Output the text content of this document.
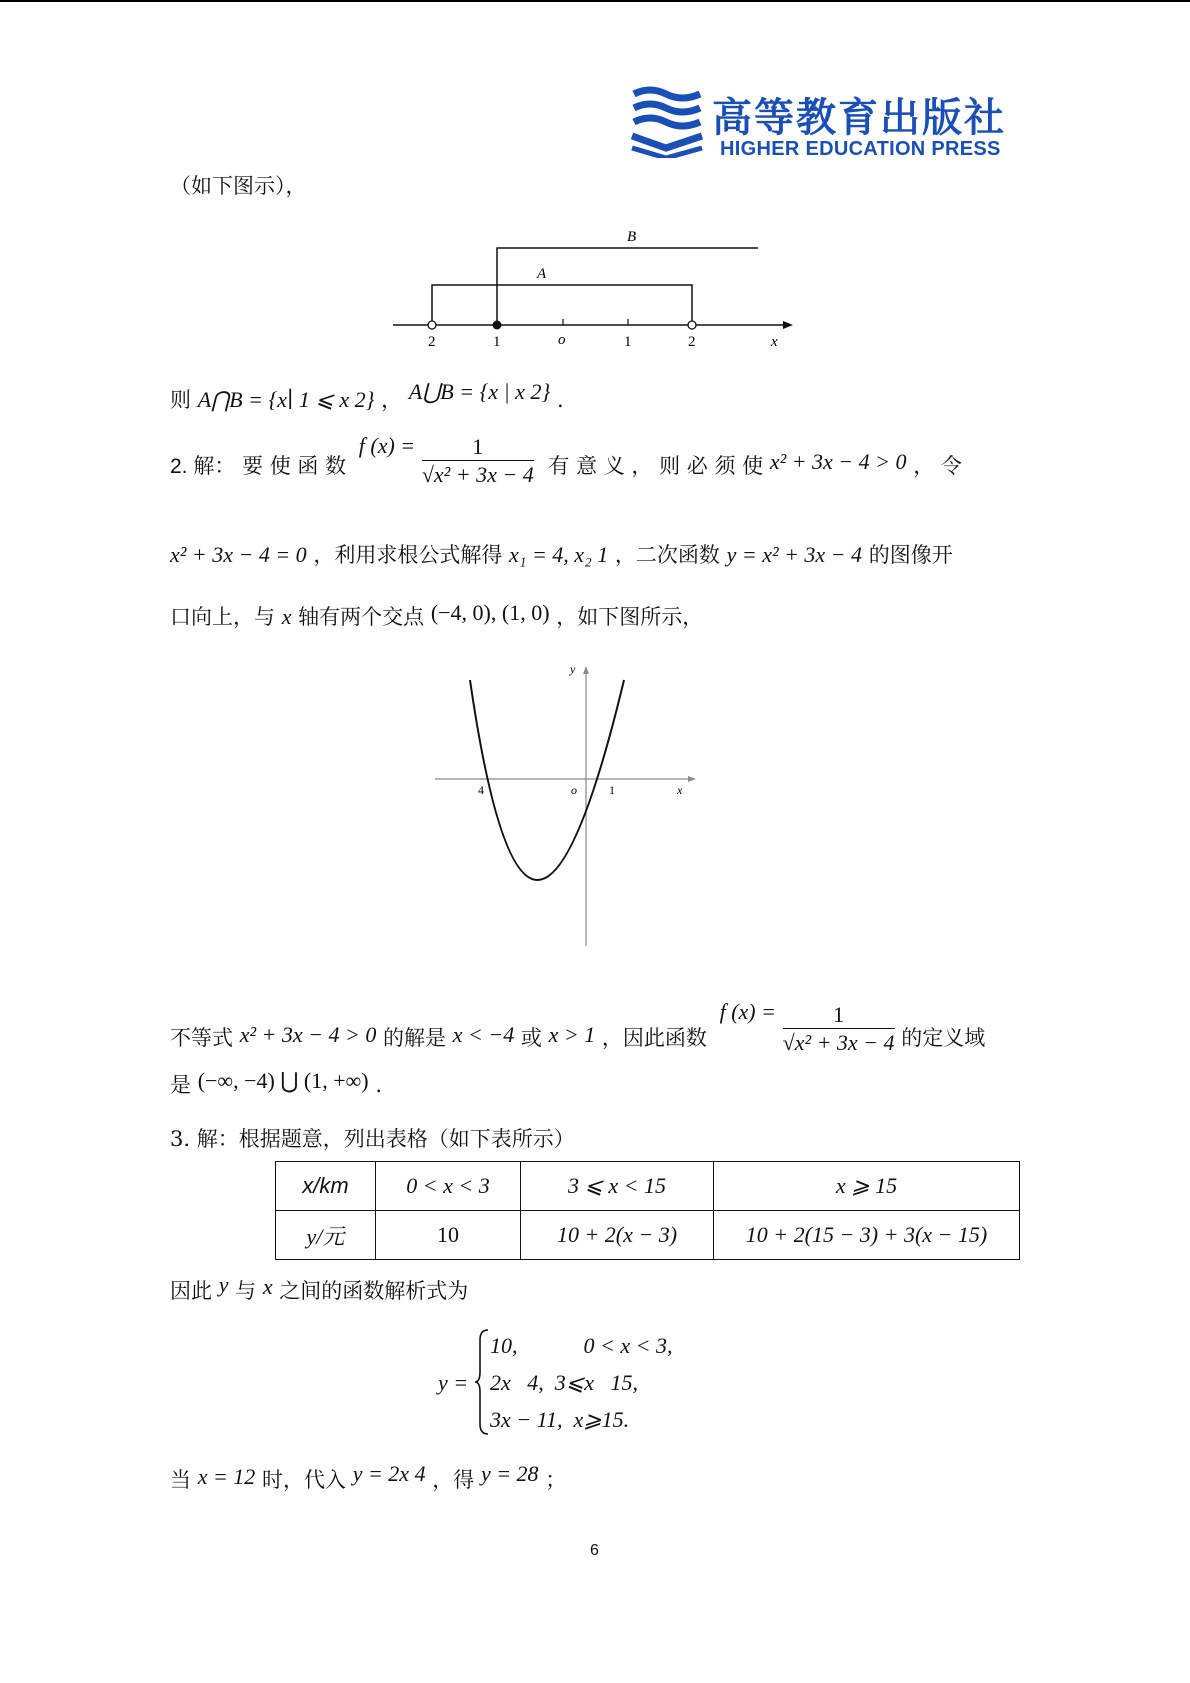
高等教育出版社
HIGHER EDUCATION PRESS
（如下图示），
B
A
2	1	o	1	2	x
则 A⋂B = {x∣ 1 ⩽ x 2} ， A⋃B = {x | x 2} .
2. 解： 要 使 函 数 f $(x) = \frac{1}{\text{√x² + 3x − 4}}$ 有 意 义 ， 则 必 须 使 x² + 3x − 4 > 0 ， 令
x² + 3x − 4 = 0 ，利用求根公式解得 x₁ = 4, x₂ 1 ，二次函数 y = x² + 3x − 4 的图像开
口向上，与 x 轴有两个交点 (−4, 0), (1, 0) ，如下图所示，
y
x
4	o	1
不等式 x² + 3x − 4 > 0 的解是 x < −4 或 x > 1 ，因此函数 f $(x) = \frac{1}{\text{√x² + 3x − 4}}$ 的定义域
是 (−∞, −4) ⋃ (1, +∞) .
3. 解：根据题意，列出表格（如下表所示）
x/km	0 < x < 3	3 ⩽ x < 15	x ⩾ 15
y/元	10	10 + 2(x − 3)	10 + 2(15 − 3) + 3(x − 15)
因此 y 与 x 之间的函数解析式为
y =
10,            0 < x < 3,
2x   4,  3⩽x   15,
3x − 11,  x⩾15.
当 x = 12 时，代入 y = 2x 4 ，得 y = 28 ；
6
